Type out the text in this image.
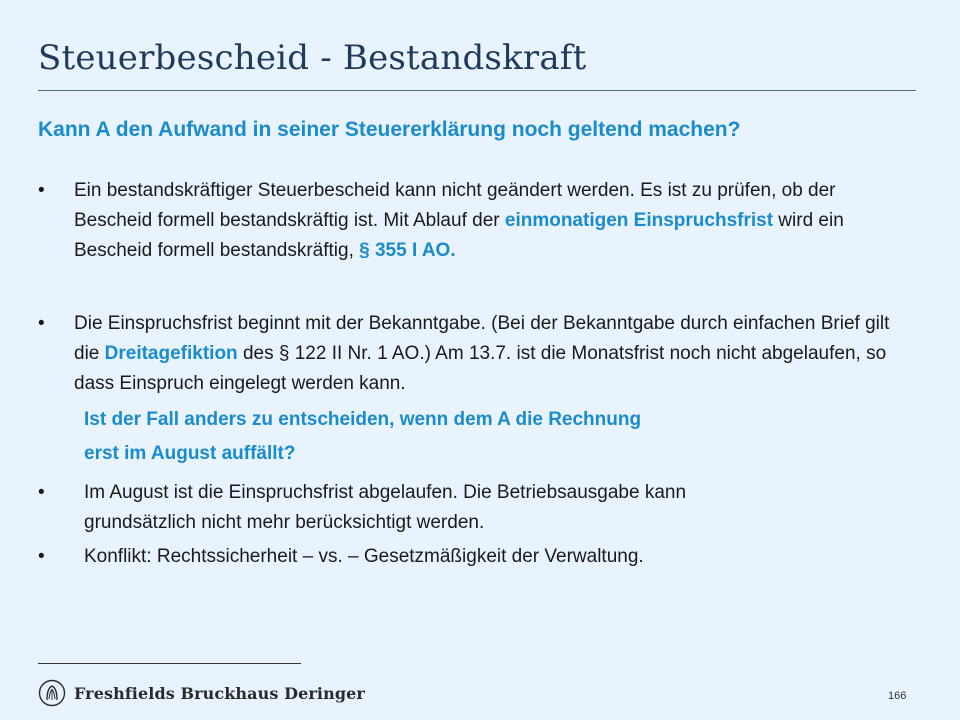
Steuerbescheid - Bestandskraft

Kann A den Aufwand in seiner Steuererklärung noch geltend machen?

•	Ein bestandskräftiger Steuerbescheid kann nicht geändert werden. Es ist zu prüfen, ob der Bescheid formell bestandskräftig ist. Mit Ablauf der einmonatigen Einspruchsfrist wird ein Bescheid formell bestandskräftig, § 355 I AO.
•	Die Einspruchsfrist beginnt mit der Bekanntgabe. (Bei der Bekanntgabe durch einfachen Brief gilt die Dreitagefiktion des § 122 II Nr. 1 AO.) Am 13.7. ist die Monatsfrist noch nicht abgelaufen, so dass Einspruch eingelegt werden kann.

Ist der Fall anders zu entscheiden, wenn dem A die Rechnung

erst im August auffällt?

•	Im August ist die Einspruchsfrist abgelaufen. Die Betriebsausgabe kann grundsätzlich nicht mehr berücksichtigt werden.
•	Konflikt: Rechtssicherheit – vs. – Gesetzmäßigkeit der Verwaltung.
Freshfields Bruckhaus Deringer	166
